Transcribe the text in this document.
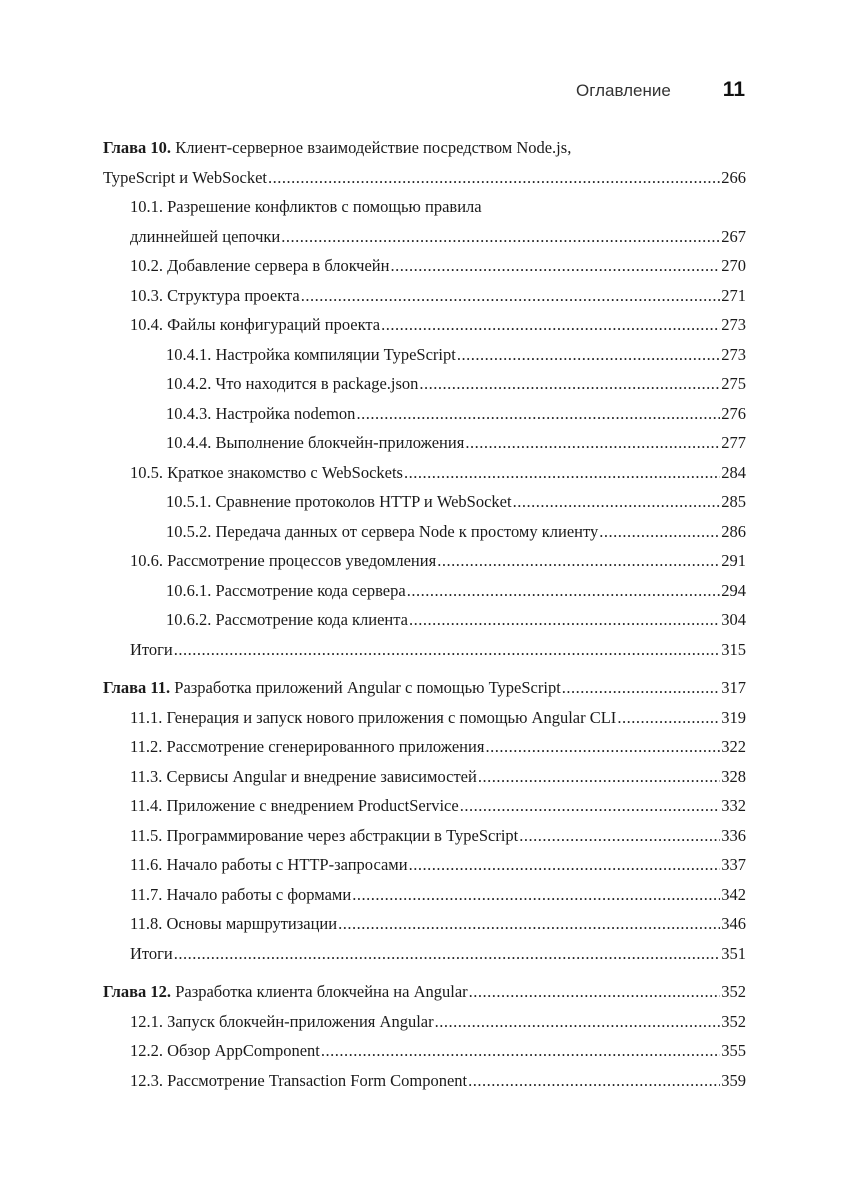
Оглавление 11
Глава 10. Клиент-серверное взаимодействие посредством Node.js,
TypeScript и WebSocket .....	266
10.1. Разрешение конфликтов с помощью правила
длиннейшей цепочки .....	267
10.2. Добавление сервера в блокчейн .....	270
10.3. Структура проекта .....	271
10.4. Файлы конфигураций проекта .....	273
10.4.1. Настройка компиляции TypeScript .....	273
10.4.2. Что находится в package.json .....	275
10.4.3. Настройка nodemon .....	276
10.4.4. Выполнение блокчейн-приложения .....	277
10.5. Краткое знакомство с WebSockets .....	284
10.5.1. Сравнение протоколов HTTP и WebSocket .....	285
10.5.2. Передача данных от сервера Node к простому клиенту .....	286
10.6. Рассмотрение процессов уведомления .....	291
10.6.1. Рассмотрение кода сервера .....	294
10.6.2. Рассмотрение кода клиента .....	304
Итоги .....	315
Глава 11. Разработка приложений Angular с помощью TypeScript .....	317
11.1. Генерация и запуск нового приложения с помощью Angular CLI .....	319
11.2. Рассмотрение сгенерированного приложения .....	322
11.3. Сервисы Angular и внедрение зависимостей .....	328
11.4. Приложение с внедрением ProductService .....	332
11.5. Программирование через абстракции в TypeScript .....	336
11.6. Начало работы с HTTP-запросами .....	337
11.7. Начало работы с формами .....	342
11.8. Основы маршрутизации .....	346
Итоги .....	351
Глава 12. Разработка клиента блокчейна на Angular .....	352
12.1. Запуск блокчейн-приложения Angular .....	352
12.2. Обзор AppComponent .....	355
12.3. Рассмотрение Transaction Form Component .....	359
